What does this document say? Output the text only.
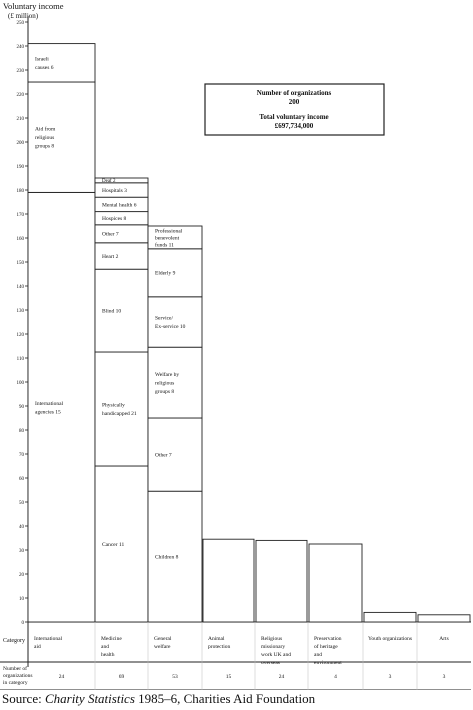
Voluntary income
(£ million)
0
10
20
30
40
50
60
70
80
90
100
110
120
130
140
150
160
170
180
190
200
210
220
230
240
250
Category
Number of
organizations
in category
International
agencies 15
Aid from
religious
groups 8
Israeli
causes 6
International
aid
24
Cancer 11
Physically
handicapped 21
Blind 10
Heart 2
Other 7
Hospices 8
Mental health 6
Hospitals 3
Deaf 2
Medicine
and
health
69
Children 8
Other 7
Welfare by
religious
groups 8
Service/
Ex-service 10
Elderly 9
Professional
benevolent
funds 11
General
welfare
53
Animal
protection
15
Religious
missionary
work UK and
overseas
24
Preservation
of heritage
and
environment
4
Youth organizations
3
Arts
3
Number of organizations
200
Total voluntary income
£697,734,000
Source: Charity Statistics 1985–6, Charities Aid Foundation
